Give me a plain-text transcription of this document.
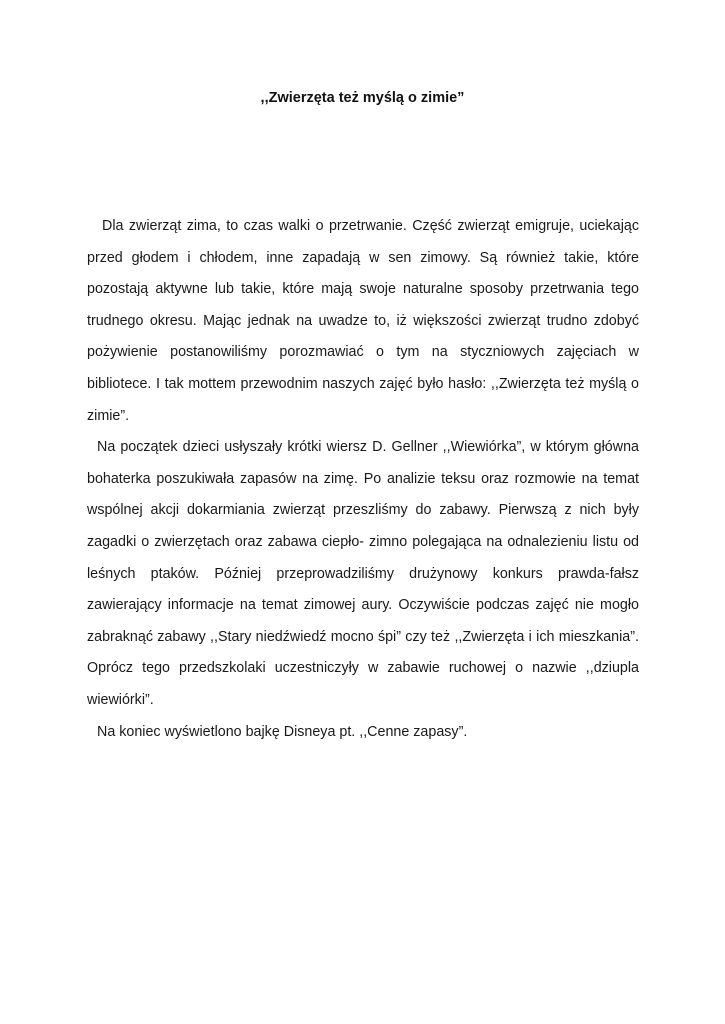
,,Zwierzęta też myślą o zimie”

Dla zwierząt zima, to czas walki o przetrwanie. Część zwierząt emigruje, uciekając przed głodem i chłodem, inne zapadają w sen zimowy. Są również takie, które pozostają aktywne lub takie, które mają swoje naturalne sposoby przetrwania tego trudnego okresu. Mając jednak na uwadze to, iż większości zwierząt trudno zdobyć pożywienie postanowiliśmy porozmawiać o tym na styczniowych zajęciach w bibliotece. I tak mottem przewodnim naszych zajęć było hasło: ,,Zwierzęta też myślą o zimie”.

Na początek dzieci usłyszały krótki wiersz D. Gellner ,,Wiewiórka”, w którym główna bohaterka poszukiwała zapasów na zimę. Po analizie teksu oraz rozmowie na temat wspólnej akcji dokarmiania zwierząt przeszliśmy do zabawy. Pierwszą z nich były zagadki o zwierzętach oraz zabawa ciepło- zimno polegająca na odnalezieniu listu od leśnych ptaków. Później przeprowadziliśmy drużynowy konkurs prawda-fałsz zawierający informacje na temat zimowej aury. Oczywiście podczas zajęć nie mogło zabraknąć zabawy ,,Stary niedźwiedź mocno śpi” czy też ,,Zwierzęta i ich mieszkania”. Oprócz tego przedszkolaki uczestniczyły w zabawie ruchowej o nazwie ,,dziupla wiewiórki”.

Na koniec wyświetlono bajkę Disneya pt. ,,Cenne zapasy”.
